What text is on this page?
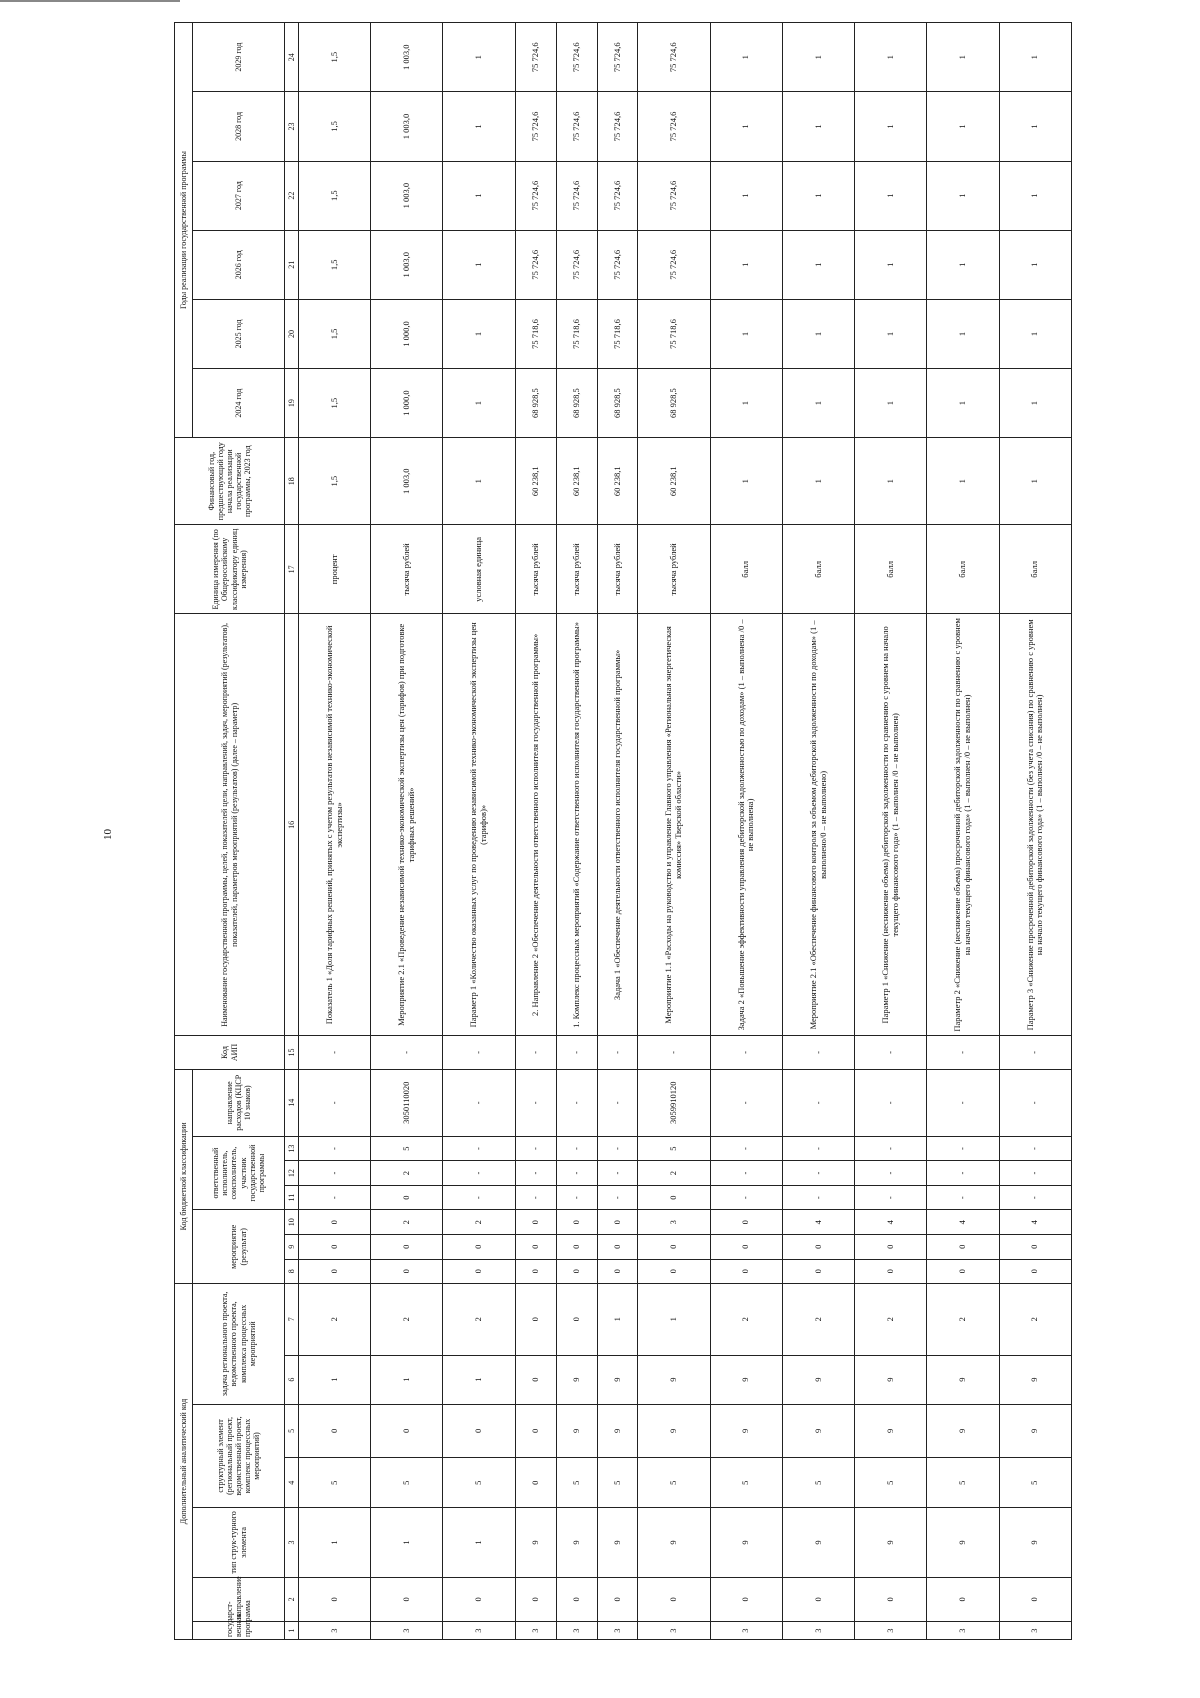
10
Дополнительный аналитический код							Код бюджетной классификации							Код АИП	Наименование государственной программы, целей, показателей цели, направлений, задач, мероприятий (результатов), показателей, параметров мероприятий (результатов) (далее – параметр)	Единица измерения (по Общероссийскому классификатору единиц измерения)	Финансовый год, предшествующий году начала реализации государственной программы, 2023 год	Годы реализации государственной программы					
государст-венная программа	направление	тип струк-турного элемента	структурный элемент (региональный проект, ведомственный проект, комплекс процессных мероприятий)		задача регионального проекта, ведомственного проекта, комплекса процессных мероприятий		мероприятие (результат)			ответственный исполнитель, соисполнитель, участник государственной программы			направление расходов (КЦСР 10 знаков)					2024 год	2025 год	2026 год	2027 год	2028 год	2029 год

1	2	3	4	5	6	7	8	9	10	11	12	13	14	15	16	17	18	19	20	21	22	23	24
3	0	1	5	0	1	2	0	0	0	-	-	-	-	-	Показатель 1 «Доля тарифных решений, принятых с учетом результатов независимой технико-экономической экспертизы»	процент	1,5	1,5	1,5	1,5	1,5	1,5	1,5
3	0	1	5	0	1	2	0	0	2	0	2	5	3050110020	-	Мероприятие 2.1 «Проведение независимой технико-экономической экспертизы цен (тарифов) при подготовке тарифных решений»	тысяча рублей	1 003,0	1 000,0	1 000,0	1 003,0	1 003,0	1 003,0	1 003,0
3	0	1	5	0	1	2	0	0	2	-	-	-	-	-	Параметр 1 «Количество оказанных услуг по проведению независимой технико-экономической экспертизы цен (тарифов)»	условная единица	1	1	1	1	1	1	1
3	0	9	0	0	0	0	0	0	0	-	-	-	-	-	2. Направление 2 «Обеспечение деятельности ответственного исполнителя государственной программы»	тысяча рублей	60 238,1	68 928,5	75 718,6	75 724,6	75 724,6	75 724,6	75 724,6
3	0	9	5	9	9	0	0	0	0	-	-	-	-	-	1. Комплекс процессных мероприятий «Содержание ответственного исполнителя государственной программы»	тысяча рублей	60 238,1	68 928,5	75 718,6	75 724,6	75 724,6	75 724,6	75 724,6
3	0	9	5	9	9	1	0	0	0	-	-	-	-	-	Задача 1 «Обеспечение деятельности ответственного исполнителя государственной программы»	тысяча рублей	60 238,1	68 928,5	75 718,6	75 724,6	75 724,6	75 724,6	75 724,6
3	0	9	5	9	9	1	0	0	3	0	2	5	3059910120	-	Мероприятие 1.1 «Расходы на руководство и управление Главного управления «Региональная энергетическая комиссия» Тверской области»	тысяча рублей	60 238,1	68 928,5	75 718,6	75 724,6	75 724,6	75 724,6	75 724,6
3	0	9	5	9	9	2	0	0	0	-	-	-	-	-	Задача 2 «Повышение эффективности управления дебиторской задолженностью по доходам» (1 – выполнена /0 – не выполнена)	балл	1	1	1	1	1	1	1
3	0	9	5	9	9	2	0	0	4	-	-	-	-	-	Мероприятие 2.1 «Обеспечение финансового контроля за объемом дебиторской задолженности по доходам» (1 – выполнено/0 – не выполнено)	балл	1	1	1	1	1	1	1
3	0	9	5	9	9	2	0	0	4	-	-	-	-	-	Параметр 1 «Снижение (неснижение объема) дебиторской задолженности по сравнению с уровнем на начало текущего финансового года» (1 – выполнен /0 – не выполнен)	балл	1	1	1	1	1	1	1
3	0	9	5	9	9	2	0	0	4	-	-	-	-	-	Параметр 2 «Снижение (неснижение объема) просроченной дебиторской задолженности по сравнению с уровнем на начало текущего финансового года» (1 – выполнен /0 – не выполнен)	балл	1	1	1	1	1	1	1
3	0	9	5	9	9	2	0	0	4	-	-	-	-	-	Параметр 3 «Снижение просроченной дебиторской задолженности (без учета списания) по сравнению с уровнем на начало текущего финансового года» (1 – выполнен /0 – не выполнен)	балл	1	1	1	1	1	1	1
